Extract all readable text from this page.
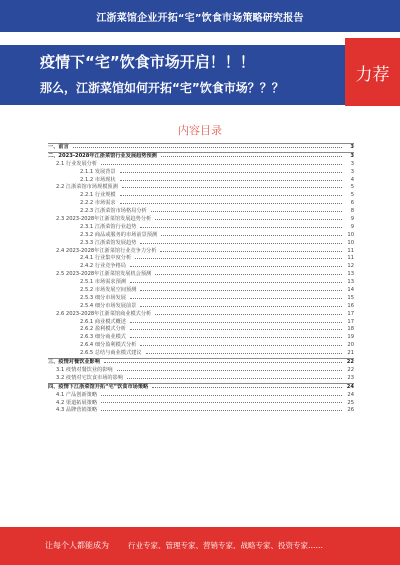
江浙菜馆企业开拓“宅”饮食市场策略研究报告
疫情下“宅”饮食市场开启！！！
那么，江浙菜馆如何开拓“宅”饮食市场？？？
力荐
内容目录
一、前言	3
二、2023-2028年江浙菜馆行业发展趋势预测	3
2.1 行业发展分析	3
2.1.1 发展背景	3
2.1.2 市场现状	4
2.2 江浙菜馆市场规模预测	5
2.2.1 行业规模	5
2.2.2 市场需求	6
2.2.3 江浙菜馆市场格局分析	8
2.3 2023-2028年江浙菜馆发展趋势分析	9
2.3.1 江浙菜馆行业趋势	9
2.3.2 商品或服务的市场前景预测	10
2.3.3 江浙菜馆发展趋势	10
2.4 2023-2028年江浙菜馆行业竞争力分析	11
2.4.1 行业集中度分析	11
2.4.2 行业竞争格局	12
2.5 2023-2028年江浙菜馆发展机会预测	13
2.5.1 市场需求预测	13
2.5.2 市场发展空间预测	14
2.5.3 细分市场发展	15
2.5.4 细分市场发展前景	16
2.6 2023-2028年江浙菜馆商业模式分析	17
2.6.1 商业模式概述	17
2.6.2 盈利模式分析	18
2.6.3 细分商业模式	19
2.6.4 细分盈利模式分析	20
2.6.5 总结与商业模式建议	21
三、疫情对餐饮业影响	22
3.1 疫情对餐饮业的影响	22
3.2 疫情对宅饮食市场的影响	23
四、疫情下江浙菜馆开拓“宅”饮食市场策略	24
4.1 产品创新策略	24
4.2 渠道拓展策略	25
4.3 品牌营销策略	26
让每个人都能成为	行业专家、管理专家、营销专家、战略专家、投资专家……
